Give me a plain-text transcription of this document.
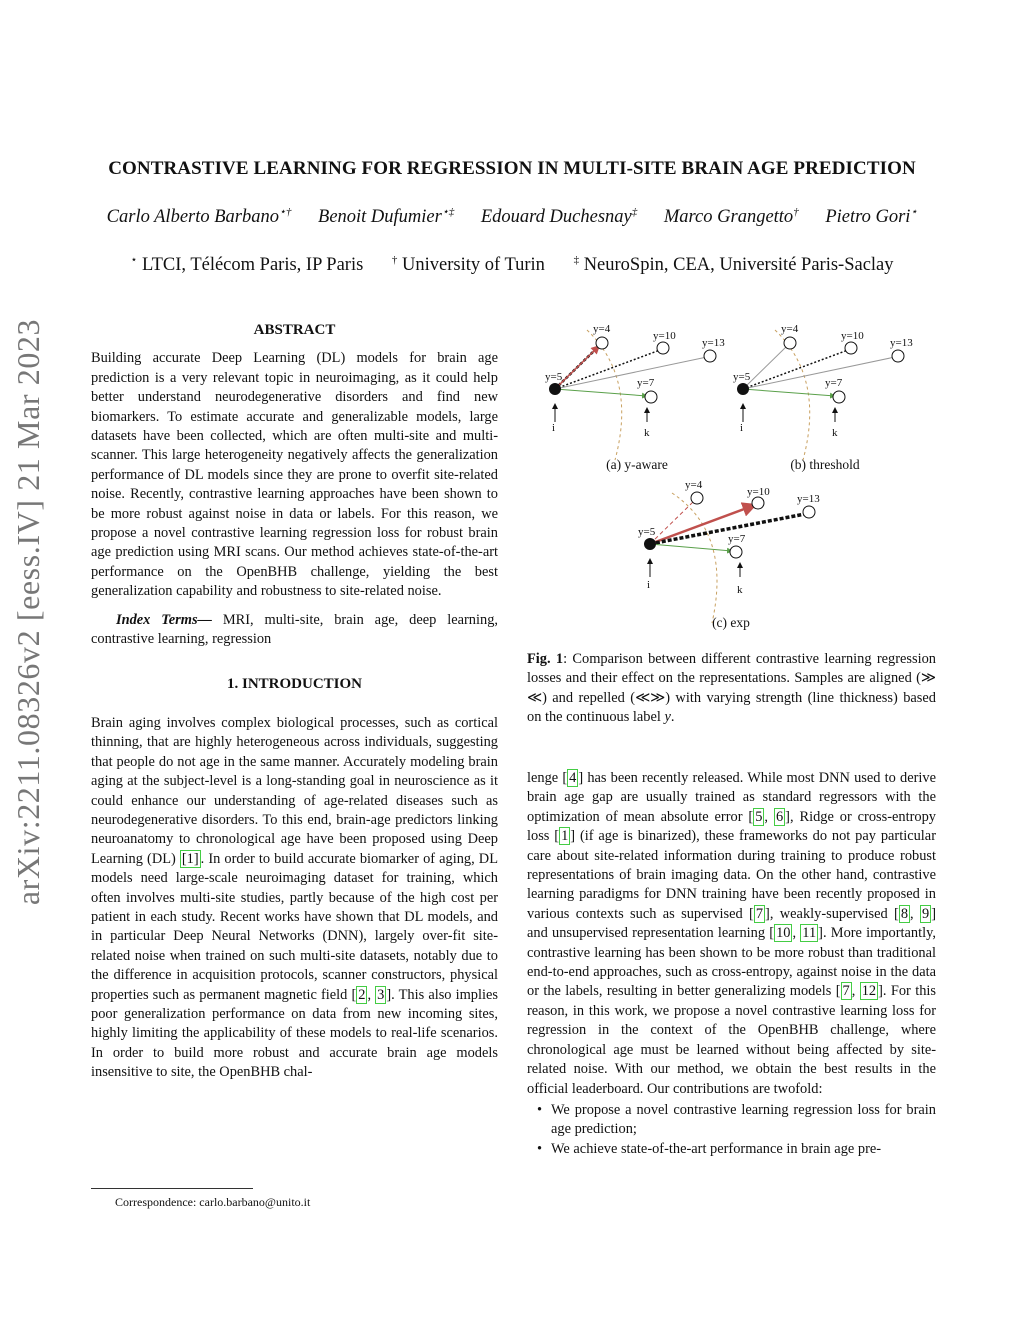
arXiv:2211.08326v2 [eess.IV] 21 Mar 2023
CONTRASTIVE LEARNING FOR REGRESSION IN MULTI-SITE BRAIN AGE PREDICTION
Carlo Alberto Barbano⋆† Benoit Dufumier⋆‡ Edouard Duchesnay‡ Marco Grangetto† Pietro Gori⋆
⋆ LTCI, Télécom Paris, IP Paris	† University of Turin	‡ NeuroSpin, CEA, Université Paris-Saclay
ABSTRACT
Building accurate Deep Learning (DL) models for brain age prediction is a very relevant topic in neuroimaging, as it could help better understand neurodegenerative disorders and find new biomarkers. To estimate accurate and generalizable models, large datasets have been collected, which are often multi-site and multi-scanner. This large heterogeneity negatively affects the generalization performance of DL models since they are prone to overfit site-related noise. Recently, contrastive learning approaches have been shown to be more robust against noise in data or labels. For this reason, we propose a novel contrastive learning regression loss for robust brain age prediction using MRI scans. Our method achieves state-of-the-art performance on the OpenBHB challenge, yielding the best generalization capability and robustness to site-related noise.
Index Terms— MRI, multi-site, brain age, deep learning, contrastive learning, regression
1. INTRODUCTION
Brain aging involves complex biological processes, such as cortical thinning, that are highly heterogeneous across individuals, suggesting that people do not age in the same manner. Accurately modeling brain aging at the subject-level is a long-standing goal in neuroscience as it could enhance our understanding of age-related diseases such as neurodegenerative disorders. To this end, brain-age predictors linking neuroanatomy to chronological age have been proposed using Deep Learning (DL) [1] . In order to build accurate biomarker of aging, DL models need large-scale neuroimaging dataset for training, which often involves multi-site studies, partly because of the high cost per patient in each study. Recent works have shown that DL models, and in particular Deep Neural Networks (DNN), largely over-fit site-related noise when trained on such multi-site datasets, notably due to the difference in acquisition protocols, scanner constructors, physical properties such as permanent magnetic field [ 2 , 3 ]. This also implies poor generalization performance on data from new incoming sites, highly limiting the applicability of these models to real-life scenarios. In order to build more robust and accurate brain age models insensitive to site, the OpenBHB chal-
y=4
y=10
y=13
y=5	y=7
i	k
(a) y-aware
y=4
y=10
y=13
y=5	y=7
i	k
(b) threshold
y=4
y=10
y=13
y=5
y=7
i	k
(c) exp
Fig. 1: Comparison between different contrastive learning regression losses and their effect on the representations. Samples are aligned (≫ ≪) and repelled (≪≫) with varying strength (line thickness) based on the continuous label y.
lenge [ 4 ] has been recently released. While most DNN used to derive brain age gap are usually trained as standard regressors with the optimization of mean absolute error [ 5 , 6 ], Ridge or cross-entropy loss [ 1 ] (if age is binarized), these frameworks do not pay particular care about site-related information during training to produce robust representations of brain imaging data. On the other hand, contrastive learning paradigms for DNN training have been recently proposed in various contexts such as supervised [ 7 ], weakly-supervised [ 8 , 9 ] and unsupervised representation learning [ 10 , 11 ]. More importantly, contrastive learning has been shown to be more robust than traditional end-to-end approaches, such as cross-entropy, against noise in the data or the labels, resulting in better generalizing models [ 7 , 12 ]. For this reason, in this work, we propose a novel contrastive learning loss for regression in the context of the OpenBHB challenge, where chronological age must be learned without being affected by site-related noise. With our method, we obtain the best results in the official leaderboard. Our contributions are twofold:
• We propose a novel contrastive learning regression loss for brain age prediction;
• We achieve state-of-the-art performance in brain age pre-
Correspondence: carlo.barbano@unito.it
